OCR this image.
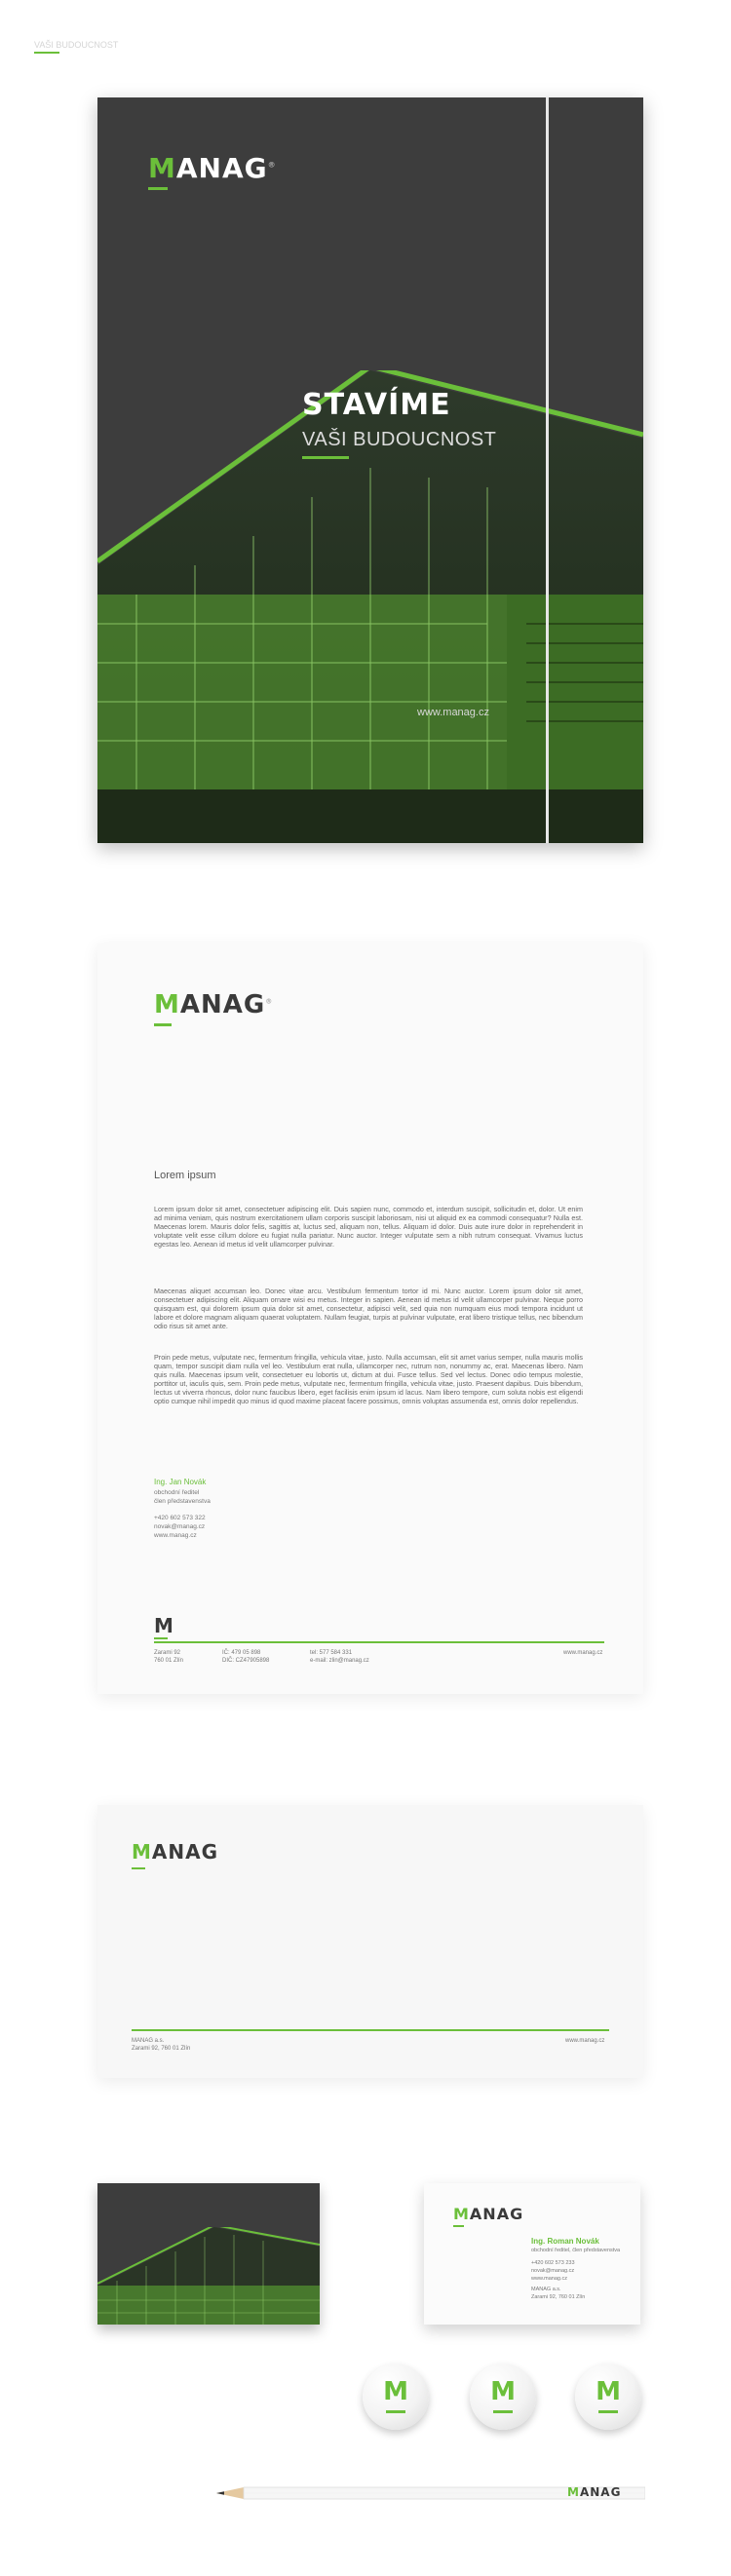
MANAG®
STAVÍME
VAŠI BUDOUCNOST
www.manag.cz
MANAG®
Lorem ipsum

Lorem ipsum dolor sit amet, consectetuer adipiscing elit. Duis sapien nunc, commodo et, interdum suscipit, sollicitudin et, dolor. Ut enim ad minima veniam, quis nostrum exercitationem ullam corporis suscipit laboriosam, nisi ut aliquid ex ea commodi consequatur? Nulla est. Maecenas lorem. Mauris dolor felis, sagittis at, luctus sed, aliquam non, tellus. Aliquam id dolor. Duis aute irure dolor in reprehenderit in voluptate velit esse cillum dolore eu fugiat nulla pariatur. Nunc auctor. Integer vulputate sem a nibh rutrum consequat. Vivamus luctus egestas leo. Aenean id metus id velit ullamcorper pulvinar.

Maecenas aliquet accumsan leo. Donec vitae arcu. Vestibulum fermentum tortor id mi. Nunc auctor. Lorem ipsum dolor sit amet, consectetuer adipiscing elit. Aliquam ornare wisi eu metus. Integer in sapien. Aenean id metus id velit ullamcorper pulvinar. Neque porro quisquam est, qui dolorem ipsum quia dolor sit amet, consectetur, adipisci velit, sed quia non numquam eius modi tempora incidunt ut labore et dolore magnam aliquam quaerat voluptatem. Nullam feugiat, turpis at pulvinar vulputate, erat libero tristique tellus, nec bibendum odio risus sit amet ante.

Proin pede metus, vulputate nec, fermentum fringilla, vehicula vitae, justo. Nulla accumsan, elit sit amet varius semper, nulla mauris mollis quam, tempor suscipit diam nulla vel leo. Vestibulum erat nulla, ullamcorper nec, rutrum non, nonummy ac, erat. Maecenas libero. Nam quis nulla. Maecenas ipsum velit, consectetuer eu lobortis ut, dictum at dui. Fusce tellus. Sed vel lectus. Donec odio tempus molestie, porttitor ut, iaculis quis, sem. Proin pede metus, vulputate nec, fermentum fringilla, vehicula vitae, justo. Praesent dapibus. Duis bibendum, lectus ut viverra rhoncus, dolor nunc faucibus libero, eget facilisis enim ipsum id lacus. Nam libero tempore, cum soluta nobis est eligendi optio cumque nihil impedit quo minus id quod maxime placeat facere possimus, omnis voluptas assumenda est, omnis dolor repellendus.

Ing. Jan Novák
obchodní ředitel
člen představenstva
+420 602 573 322
novak@manag.cz
www.manag.cz
M
Zarami 92
760 01 Zlín
IČ: 479 05 898
DIČ: CZ47905898
tel: 577 584 331
e-mail: zlin@manag.cz
www.manag.cz
MANAG
MANAG a.s.
Zarami 92, 760 01 Zlín
www.manag.cz
STAVÍME
VAŠI BUDOUCNOST
MANAG
Ing. Roman Novák
obchodní ředitel, člen představenstva
+420 602 573 233
novak@manag.cz
www.manag.cz
MANAG a.s.
Zarami 92, 760 01 Zlín
M	M	M
MANAG
